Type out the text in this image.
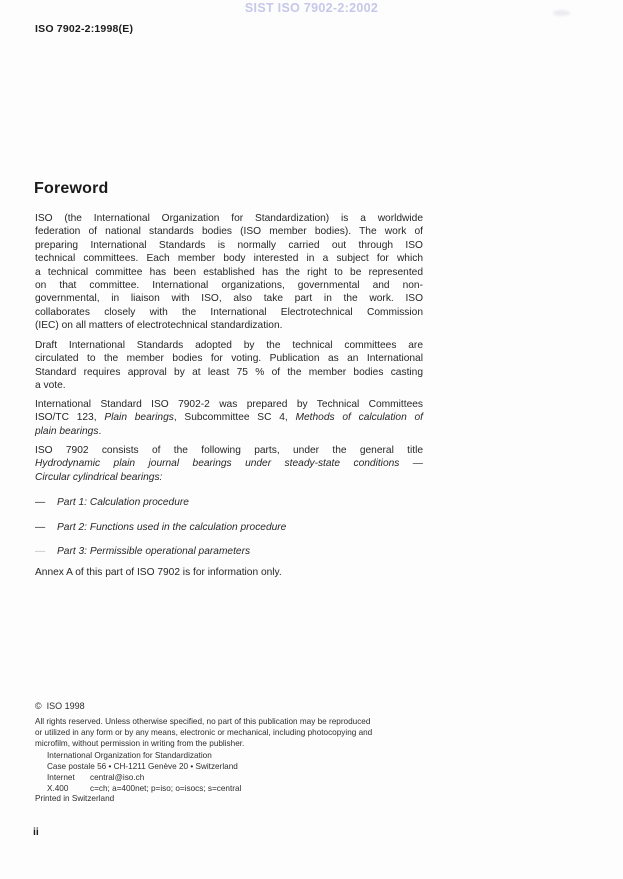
SIST ISO 7902-2:2002
ISO 7902-2:1998(E)
Foreword
ISO (the International Organization for Standardization) is a worldwide
federation of national standards bodies (ISO member bodies). The work of
preparing International Standards is normally carried out through ISO
technical committees. Each member body interested in a subject for which
a technical committee has been established has the right to be represented
on that committee. International organizations, governmental and non-
governmental, in liaison with ISO, also take part in the work. ISO
collaborates closely with the International Electrotechnical Commission
(IEC) on all matters of electrotechnical standardization.
Draft International Standards adopted by the technical committees are
circulated to the member bodies for voting. Publication as an International
Standard requires approval by at least 75 % of the member bodies casting
a vote.
International Standard ISO 7902-2 was prepared by Technical Committees
ISO/TC 123, Plain bearings, Subcommittee SC 4, Methods of calculation of
plain bearings.
ISO 7902 consists of the following parts, under the general title
Hydrodynamic plain journal bearings under steady-state conditions —
Circular cylindrical bearings:
— Part 1: Calculation procedure
— Part 2: Functions used in the calculation procedure
— Part 3: Permissible operational parameters
Annex A of this part of ISO 7902 is for information only.
©  ISO 1998
All rights reserved. Unless otherwise specified, no part of this publication may be reproduced
or utilized in any form or by any means, electronic or mechanical, including photocopying and
microfilm, without permission in writing from the publisher.
International Organization for Standardization
Case postale 56 • CH-1211 Genève 20 • Switzerland
Internet	central@iso.ch
X.400	c=ch; a=400net; p=iso; o=isocs; s=central
Printed in Switzerland
ii
